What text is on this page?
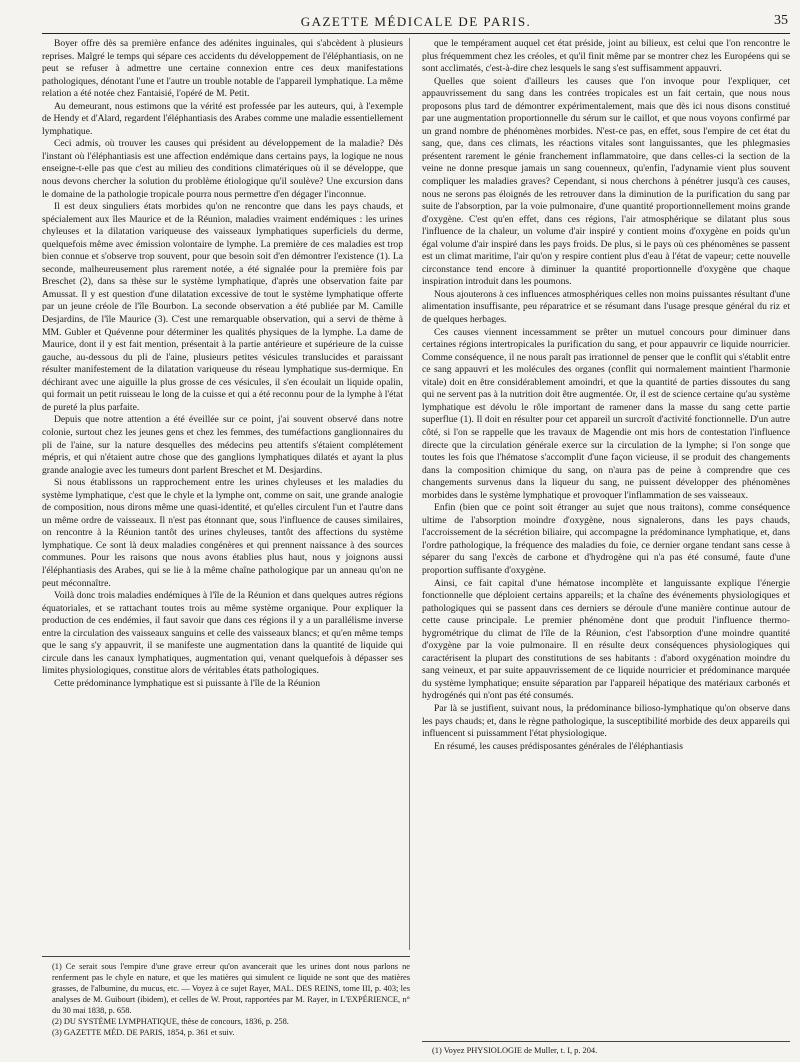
GAZETTE MÉDICALE DE PARIS.	35

Boyer offre dès sa première enfance des adénites inguinales, qui s'abcèdent à plusieurs reprises. Malgré le temps qui sépare ces accidents du développement de l'éléphantiasis, on ne peut se refuser à admettre une certaine connexion entre ces deux manifestations pathologiques, dénotant l'une et l'autre un trouble notable de l'appareil lymphatique. La même relation a été notée chez Fantaisié, l'opéré de M. Petit.

Au demeurant, nous estimons que la vérité est professée par les auteurs, qui, à l'exemple de Hendy et d'Alard, regardent l'éléphantiasis des Arabes comme une maladie essentiellement lymphatique.

Ceci admis, où trouver les causes qui président au développement de la maladie? Dès l'instant où l'éléphantiasis est une affection endémique dans certains pays, la logique ne nous enseigne-t-elle pas que c'est au milieu des conditions climatériques où il se développe, que nous devons chercher la solution du problème étiologique qu'il soulève? Une excursion dans le domaine de la pathologie tropicale pourra nous permettre d'en dégager l'inconnue.

Il est deux singuliers états morbides qu'on ne rencontre que dans les pays chauds, et spécialement aux îles Maurice et de la Réunion, maladies vraiment endémiques : les urines chyleuses et la dilatation variqueuse des vaisseaux lymphatiques superficiels du derme, quelquefois même avec émission volontaire de lymphe. La première de ces maladies est trop bien connue et s'observe trop souvent, pour que besoin soit d'en démontrer l'existence (1). La seconde, malheureusement plus rarement notée, a été signalée pour la première fois par Breschet (2), dans sa thèse sur le système lymphatique, d'après une observation faite par Amussat. Il y est question d'une dilatation excessive de tout le système lymphatique offerte par un jeune créole de l'île Bourbon. La seconde observation a été publiée par M. Camille Desjardins, de l'île Maurice (3). C'est une remarquable observation, qui a servi de thème à MM. Gubler et Quévenne pour déterminer les qualités physiques de la lymphe. La dame de Maurice, dont il y est fait mention, présentait à la partie antérieure et supérieure de la cuisse gauche, au-dessous du pli de l'aine, plusieurs petites vésicules translucides et paraissant résulter manifestement de la dilatation variqueuse du réseau lymphatique sus-dermique. En déchirant avec une aiguille la plus grosse de ces vésicules, il s'en écoulait un liquide opalin, qui formait un petit ruisseau le long de la cuisse et qui a été reconnu pour de la lymphe à l'état de pureté la plus parfaite.

Depuis que notre attention a été éveillée sur ce point, j'ai souvent observé dans notre colonie, surtout chez les jeunes gens et chez les femmes, des tuméfactions ganglionnaires du pli de l'aine, sur la nature desquelles des médecins peu attentifs s'étaient complétement mépris, et qui n'étaient autre chose que des ganglions lymphatiques dilatés et ayant la plus grande analogie avec les tumeurs dont parlent Breschet et M. Desjardins.

Si nous établissons un rapprochement entre les urines chyleuses et les maladies du système lymphatique, c'est que le chyle et la lymphe ont, comme on sait, une grande analogie de composition, nous dirons même une quasi-identité, et qu'elles circulent l'un et l'autre dans un même ordre de vaisseaux. Il n'est pas étonnant que, sous l'influence de causes similaires, on rencontre à la Réunion tantôt des urines chyleuses, tantôt des affections du système lymphatique. Ce sont là deux maladies congénères et qui prennent naissance à des sources communes. Pour les raisons que nous avons établies plus haut, nous y joignons aussi l'éléphantiasis des Arabes, qui se lie à la même chaîne pathologique par un anneau qu'on ne peut méconnaître.

Voilà donc trois maladies endémiques à l'île de la Réunion et dans quelques autres régions équatoriales, et se rattachant toutes trois au même système organique. Pour expliquer la production de ces endémies, il faut savoir que dans ces régions il y a un parallélisme inverse entre la circulation des vaisseaux sanguins et celle des vaisseaux blancs; et qu'en même temps que le sang s'y appauvrit, il se manifeste une augmentation dans la quantité de liquide qui circule dans les canaux lymphatiques, augmentation qui, venant quelquefois à dépasser ses limites physiologiques, constitue alors de véritables états pathologiques.

Cette prédominance lymphatique est si puissante à l'île de la Réunion

(1) Ce serait sous l'empire d'une grave erreur qu'on avancerait que les urines dont nous parlons ne renferment pas le chyle en nature, et que les matières qui simulent ce liquide ne sont que des matières grasses, de l'albumine, du mucus, etc. — Voyez à ce sujet Rayer, MAL. DES REINS, tome III, p. 403; les analyses de M. Guibourt (ibidem), et celles de W. Prout, rapportées par M. Rayer, in L'EXPÉRIENCE, n° du 30 mai 1838, p. 658.

(2) DU SYSTÈME LYMPHATIQUE, thèse de concours, 1836, p. 258.

(3) GAZETTE MÉD. DE PARIS, 1854, p. 361 et suiv.

que le tempérament auquel cet état préside, joint au bilieux, est celui que l'on rencontre le plus fréquemment chez les créoles, et qu'il finit même par se montrer chez les Européens qui se sont acclimatés, c'est-à-dire chez lesquels le sang s'est suffisamment appauvri.

Quelles que soient d'ailleurs les causes que l'on invoque pour l'expliquer, cet appauvrissement du sang dans les contrées tropicales est un fait certain, que nous nous proposons plus tard de démontrer expérimentalement, mais que dès ici nous disons constitué par une augmentation proportionnelle du sérum sur le caillot, et que nous voyons confirmé par un grand nombre de phénomènes morbides. N'est-ce pas, en effet, sous l'empire de cet état du sang, que, dans ces climats, les réactions vitales sont languissantes, que les phlegmasies présentent rarement le génie franchement inflammatoire, que dans celles-ci la section de la veine ne donne presque jamais un sang couenneux, qu'enfin, l'adynamie vient plus souvent compliquer les maladies graves? Cependant, si nous cherchons à pénétrer jusqu'à ces causes, nous ne serons pas éloignés de les retrouver dans la diminution de la purification du sang par suite de l'absorption, par la voie pulmonaire, d'une quantité proportionnellement moins grande d'oxygène. C'est qu'en effet, dans ces régions, l'air atmosphérique se dilatant plus sous l'influence de la chaleur, un volume d'air inspiré y contient moins d'oxygène en poids qu'un égal volume d'air inspiré dans les pays froids. De plus, si le pays où ces phénomènes se passent est un climat maritime, l'air qu'on y respire contient plus d'eau à l'état de vapeur; cette nouvelle circonstance tend encore à diminuer la quantité proportionnelle d'oxygène que chaque inspiration introduit dans les poumons.

Nous ajouterons à ces influences atmosphériques celles non moins puissantes résultant d'une alimentation insuffisante, peu réparatrice et se résumant dans l'usage presque général du riz et de quelques herbages.

Ces causes viennent incessamment se prêter un mutuel concours pour diminuer dans certaines régions intertropicales la purification du sang, et pour appauvrir ce liquide nourricier. Comme conséquence, il ne nous paraît pas irrationnel de penser que le conflit qui s'établit entre ce sang appauvri et les molécules des organes (conflit qui normalement maintient l'harmonie vitale) doit en être considérablement amoindri, et que la quantité de parties dissoutes du sang qui ne servent pas à la nutrition doit être augmentée. Or, il est de science certaine qu'au système lymphatique est dévolu le rôle important de ramener dans la masse du sang cette partie superflue (1). Il doit en résulter pour cet appareil un surcroît d'activité fonctionnelle. D'un autre côté, si l'on se rappelle que les travaux de Magendie ont mis hors de contestation l'influence directe que la circulation générale exerce sur la circulation de la lymphe; si l'on songe que toutes les fois que l'hématose s'accomplit d'une façon vicieuse, il se produit des changements dans la composition chimique du sang, on n'aura pas de peine à comprendre que ces changements survenus dans la liqueur du sang, ne puissent développer des phénomènes morbides dans le système lymphatique et provoquer l'inflammation de ses vaisseaux.

Enfin (bien que ce point soit étranger au sujet que nous traitons), comme conséquence ultime de l'absorption moindre d'oxygène, nous signalerons, dans les pays chauds, l'accroissement de la sécrétion biliaire, qui accompagne la prédominance lymphatique, et, dans l'ordre pathologique, la fréquence des maladies du foie, ce dernier organe tendant sans cesse à séparer du sang l'excès de carbone et d'hydrogène qui n'a pas été consumé, faute d'une proportion suffisante d'oxygène.

Ainsi, ce fait capital d'une hématose incomplète et languissante explique l'énergie fonctionnelle que déploient certains appareils; et la chaîne des événements physiologiques et pathologiques qui se passent dans ces derniers se déroule d'une manière continue autour de cette cause principale. Le premier phénomène dont que produit l'influence thermo-hygrométrique du climat de l'île de la Réunion, c'est l'absorption d'une moindre quantité d'oxygène par la voie pulmonaire. Il en résulte deux conséquences physiologiques qui caractérisent la plupart des constitutions de ses habitants : d'abord oxygénation moindre du sang veineux, et par suite appauvrissement de ce liquide nourricier et prédominance marquée du système lymphatique; ensuite séparation par l'appareil hépatique des matériaux carbonés et hydrogénés qui n'ont pas été consumés.

Par là se justifient, suivant nous, la prédominance bilioso-lymphatique qu'on observe dans les pays chauds; et, dans le règne pathologique, la susceptibilité morbide des deux appareils qui influencent si puissamment l'état physiologique.

En résumé, les causes prédisposantes générales de l'éléphantiasis

(1) Voyez PHYSIOLOGIE de Muller, t. I, p. 204.
